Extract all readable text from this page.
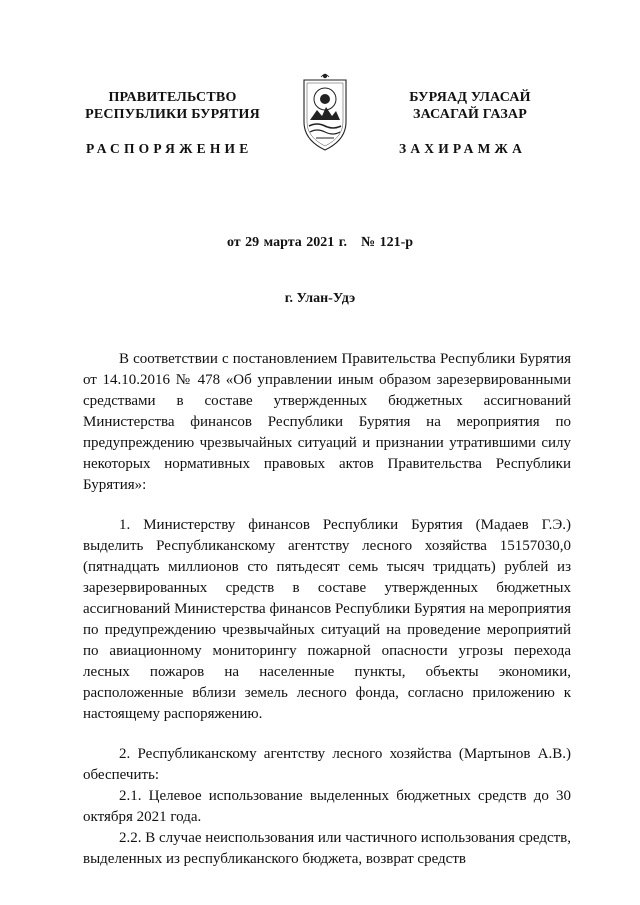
ПРАВИТЕЛЬСТВО
РЕСПУБЛИКИ БУРЯТИЯ
БУРЯАД УЛАСАЙ
ЗАСАГАЙ ГАЗАР
РАСПОРЯЖЕНИЕ	ЗАХИРАМЖА
от 29 марта 2021 г. № 121-р
г. Улан-Удэ

В соответствии с постановлением Правительства Республики Бурятия от 14.10.2016 № 478 «Об управлении иным образом зарезервированными средствами в составе утвержденных бюджетных ассигнований Министерства финансов Республики Бурятия на мероприятия по предупреждению чрезвычайных ситуаций и признании утратившими силу некоторых нормативных правовых актов Правительства Республики Бурятия»:

1. Министерству финансов Республики Бурятия (Мадаев Г.Э.) выделить Республиканскому агентству лесного хозяйства 15157030,0 (пятнадцать миллионов сто пятьдесят семь тысяч тридцать) рублей из зарезервированных средств в составе утвержденных бюджетных ассигнований Министерства финансов Республики Бурятия на мероприятия по предупреждению чрезвычайных ситуаций на проведение мероприятий по авиационному мониторингу пожарной опасности угрозы перехода лесных пожаров на населенные пункты, объекты экономики, расположенные вблизи земель лесного фонда, согласно приложению к настоящему распоряжению.

2. Республиканскому агентству лесного хозяйства (Мартынов А.В.) обеспечить:

2.1. Целевое использование выделенных бюджетных средств до 30 октября 2021 года.

2.2. В случае неиспользования или частичного использования средств, выделенных из республиканского бюджета, возврат средств
